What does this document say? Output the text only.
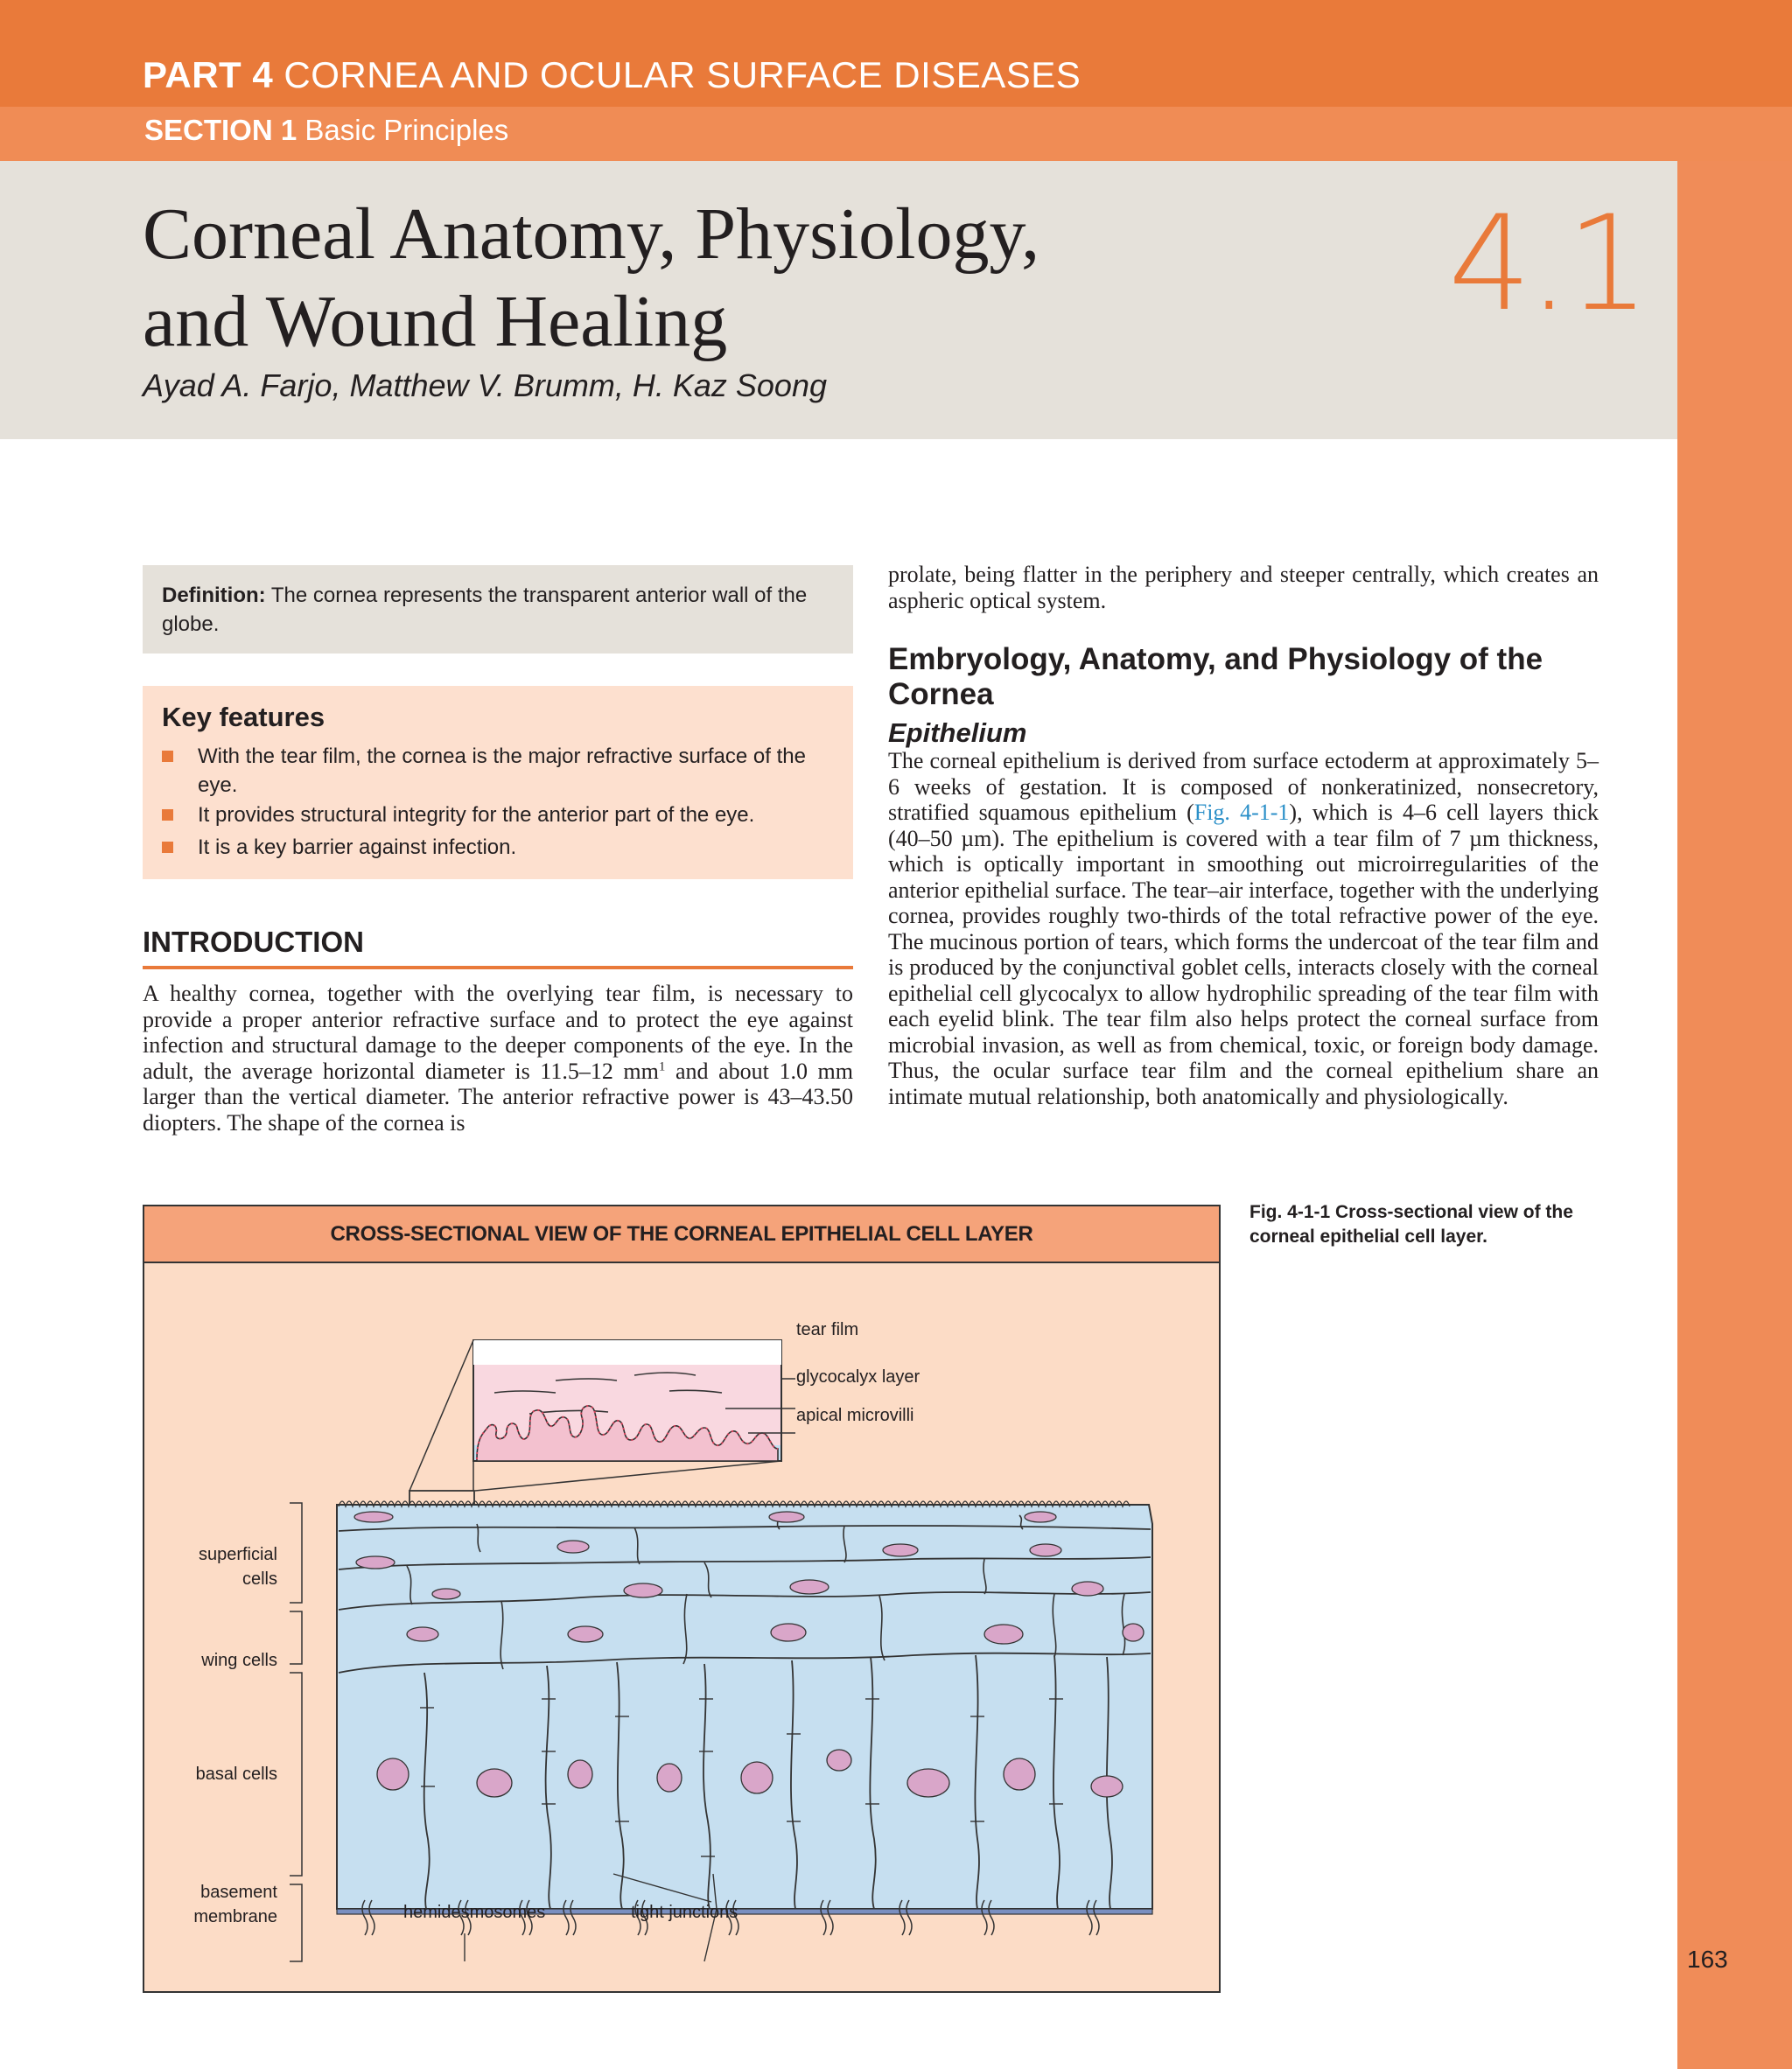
PART 4 CORNEA AND OCULAR SURFACE DISEASES
SECTION 1 Basic Principles
Corneal Anatomy, Physiology,
and Wound Healing	4.1
Ayad A. Farjo, Matthew V. Brumm, H. Kaz Soong
Definition: The cornea represents the transparent anterior wall of the globe.
Key features
With the tear film, the cornea is the major refractive surface of the eye.
It provides structural integrity for the anterior part of the eye.
It is a key barrier against infection.
INTRODUCTION
A healthy cornea, together with the overlying tear film, is necessary to provide a proper anterior refractive surface and to protect the eye against infection and structural damage to the deeper components of the eye. In the adult, the average horizontal diameter is 11.5–12 $mm^1$ and about 1.0 mm larger than the vertical diameter. The anterior refractive power is 43–43.50 diopters. The shape of the cornea is
prolate, being flatter in the periphery and steeper centrally, which creates an aspheric optical system.
Embryology, Anatomy, and Physiology of the Cornea
Epithelium
The corneal epithelium is derived from surface ectoderm at approximately 5–6 weeks of gestation. It is composed of nonkeratinized, nonsecretory, stratified squamous epithelium (Fig. 4-1-1), which is 4–6 cell layers thick (40–50 µm). The epithelium is covered with a tear film of 7 µm thickness, which is optically important in smoothing out microirregularities of the anterior epithelial surface. The tear–air interface, together with the underlying cornea, provides roughly two-thirds of the total refractive power of the eye. The mucinous portion of tears, which forms the undercoat of the tear film and is produced by the conjunctival goblet cells, interacts closely with the corneal epithelial cell glycocalyx to allow hydrophilic spreading of the tear film with each eyelid blink. The tear film also helps protect the corneal surface from microbial invasion, as well as from chemical, toxic, or foreign body damage. Thus, the ocular surface tear film and the corneal epithelium share an intimate mutual relationship, both anatomically and physiologically.
CROSS-SECTIONAL VIEW OF THE CORNEAL EPITHELIAL CELL LAYER
tear film
glycocalyx layer
apical microvilli
superficial
cells
wing cells
basal cells
basement
membrane	hemidesmosomes	tight junctions
Fig. 4-1-1 Cross-sectional view of the corneal epithelial cell layer.
163
